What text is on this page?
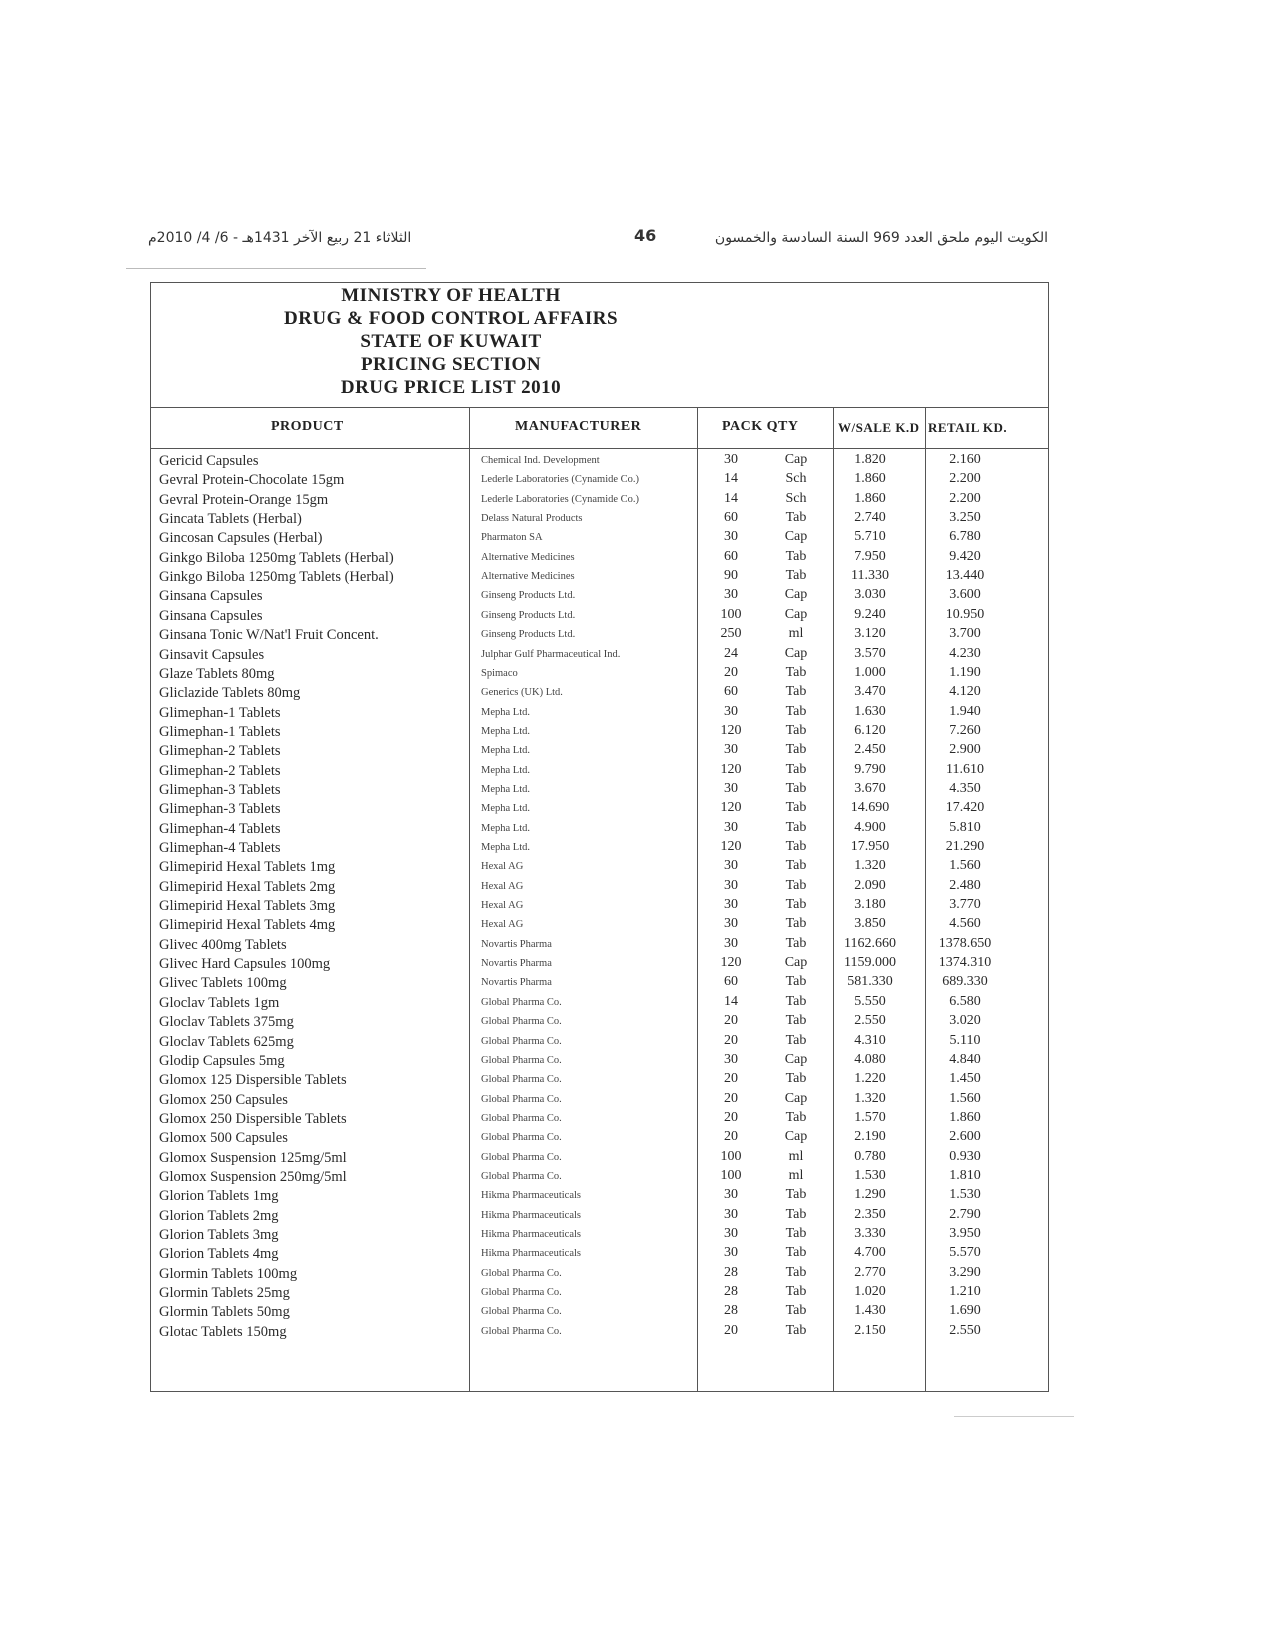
الثلاثاء 21 ربيع الآخر 1431هـ - 6/ 4/ 2010م	46	الكويت اليوم ملحق العدد 969 السنة السادسة والخمسون
MINISTRY OF HEALTH
DRUG & FOOD CONTROL AFFAIRS
STATE OF KUWAIT
PRICING SECTION
DRUG PRICE LIST 2010
PRODUCT	MANUFACTURER	PACK QTY	W/SALE K.D RETAIL KD.
Gericid Capsules	Chemical Ind. Development	30	Cap	1.820	2.160
Gevral Protein-Chocolate 15gm	Lederle Laboratories (Cynamide Co.)	14	Sch	1.860	2.200
Gevral Protein-Orange 15gm	Lederle Laboratories (Cynamide Co.)	14	Sch	1.860	2.200
Gincata Tablets (Herbal)	Delass Natural Products	60	Tab	2.740	3.250
Gincosan Capsules (Herbal)	Pharmaton SA	30	Cap	5.710	6.780
Ginkgo Biloba 1250mg Tablets (Herbal)	Alternative Medicines	60	Tab	7.950	9.420
Ginkgo Biloba 1250mg Tablets (Herbal)	Alternative Medicines	90	Tab	11.330	13.440
Ginsana Capsules	Ginseng Products Ltd.	30	Cap	3.030	3.600
Ginsana Capsules	Ginseng Products Ltd.	100	Cap	9.240	10.950
Ginsana Tonic W/Nat'l Fruit Concent.	Ginseng Products Ltd.	250	ml	3.120	3.700
Ginsavit Capsules	Julphar Gulf Pharmaceutical Ind.	24	Cap	3.570	4.230
Glaze Tablets 80mg	Spimaco	20	Tab	1.000	1.190
Gliclazide Tablets 80mg	Generics (UK) Ltd.	60	Tab	3.470	4.120
Glimephan-1 Tablets	Mepha Ltd.	30	Tab	1.630	1.940
Glimephan-1 Tablets	Mepha Ltd.	120	Tab	6.120	7.260
Glimephan-2 Tablets	Mepha Ltd.	30	Tab	2.450	2.900
Glimephan-2 Tablets	Mepha Ltd.	120	Tab	9.790	11.610
Glimephan-3 Tablets	Mepha Ltd.	30	Tab	3.670	4.350
Glimephan-3 Tablets	Mepha Ltd.	120	Tab	14.690	17.420
Glimephan-4 Tablets	Mepha Ltd.	30	Tab	4.900	5.810
Glimephan-4 Tablets	Mepha Ltd.	120	Tab	17.950	21.290
Glimepirid Hexal Tablets 1mg	Hexal AG	30	Tab	1.320	1.560
Glimepirid Hexal Tablets 2mg	Hexal AG	30	Tab	2.090	2.480
Glimepirid Hexal Tablets 3mg	Hexal AG	30	Tab	3.180	3.770
Glimepirid Hexal Tablets 4mg	Hexal AG	30	Tab	3.850	4.560
Glivec 400mg Tablets	Novartis Pharma	30	Tab	1162.660	1378.650
Glivec Hard Capsules 100mg	Novartis Pharma	120	Cap	1159.000	1374.310
Glivec Tablets 100mg	Novartis Pharma	60	Tab	581.330	689.330
Gloclav Tablets 1gm	Global Pharma Co.	14	Tab	5.550	6.580
Gloclav Tablets 375mg	Global Pharma Co.	20	Tab	2.550	3.020
Gloclav Tablets 625mg	Global Pharma Co.	20	Tab	4.310	5.110
Glodip Capsules 5mg	Global Pharma Co.	30	Cap	4.080	4.840
Glomox 125 Dispersible Tablets	Global Pharma Co.	20	Tab	1.220	1.450
Glomox 250 Capsules	Global Pharma Co.	20	Cap	1.320	1.560
Glomox 250 Dispersible Tablets	Global Pharma Co.	20	Tab	1.570	1.860
Glomox 500 Capsules	Global Pharma Co.	20	Cap	2.190	2.600
Glomox Suspension 125mg/5ml	Global Pharma Co.	100	ml	0.780	0.930
Glomox Suspension 250mg/5ml	Global Pharma Co.	100	ml	1.530	1.810
Glorion Tablets 1mg	Hikma Pharmaceuticals	30	Tab	1.290	1.530
Glorion Tablets 2mg	Hikma Pharmaceuticals	30	Tab	2.350	2.790
Glorion Tablets 3mg	Hikma Pharmaceuticals	30	Tab	3.330	3.950
Glorion Tablets 4mg	Hikma Pharmaceuticals	30	Tab	4.700	5.570
Glormin Tablets 100mg	Global Pharma Co.	28	Tab	2.770	3.290
Glormin Tablets 25mg	Global Pharma Co.	28	Tab	1.020	1.210
Glormin Tablets 50mg	Global Pharma Co.	28	Tab	1.430	1.690
Glotac Tablets 150mg	Global Pharma Co.	20	Tab	2.150	2.550
